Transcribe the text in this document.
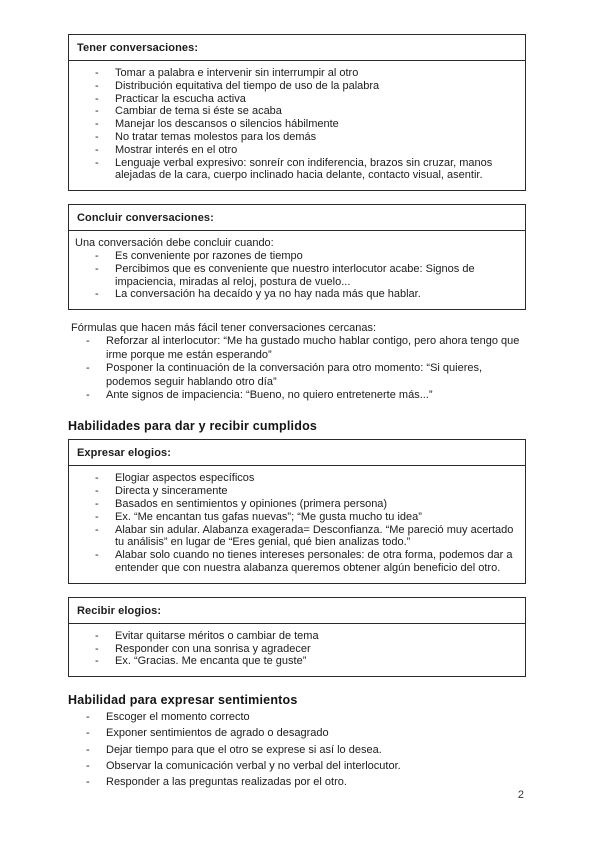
Tener conversaciones:
- Tomar a palabra e intervenir sin interrumpir al otro
- Distribución equitativa del tiempo de uso de la palabra
- Practicar la escucha activa
- Cambiar de tema si éste se acaba
- Manejar los descansos o silencios hábilmente
- No tratar temas molestos para los demás
- Mostrar interés en el otro
- Lenguaje verbal expresivo: sonreír con indiferencia, brazos sin cruzar, manos alejadas de la cara, cuerpo inclinado hacia delante, contacto visual, asentir.
Concluir conversaciones:
Una conversación debe concluir cuando:
- Es conveniente por razones de tiempo
- Percibimos que es conveniente que nuestro interlocutor acabe: Signos de impaciencia, miradas al reloj, postura de vuelo...
- La conversación ha decaído y ya no hay nada más que hablar.
Fórmulas que hacen más fácil tener conversaciones cercanas:
- Reforzar al interlocutor: “Me ha gustado mucho hablar contigo, pero ahora tengo que irme porque me están esperando”
- Posponer la continuación de la conversación para otro momento: “Si quieres, podemos seguir hablando otro día”
- Ante signos de impaciencia: “Bueno, no quiero entretenerte más...”
Habilidades para dar y recibir cumplidos
Expresar elogios:
- Elogiar aspectos específicos
- Directa y sinceramente
- Basados en sentimientos y opiniones (primera persona)
- Ex. “Me encantan tus gafas nuevas”; “Me gusta mucho tu idea”
- Alabar sin adular. Alabanza exagerada= Desconfianza. “Me pareció muy acertado tu análisis” en lugar de “Eres genial, qué bien analizas todo.”
- Alabar solo cuando no tienes intereses personales: de otra forma, podemos dar a entender que con nuestra alabanza queremos obtener algún beneficio del otro.
Recibir elogios:
- Evitar quitarse méritos o cambiar de tema
- Responder con una sonrisa y agradecer
- Ex. “Gracias. Me encanta que te guste”
Habilidad para expresar sentimientos
- Escoger el momento correcto
- Exponer sentimientos de agrado o desagrado
- Dejar tiempo para que el otro se exprese si así lo desea.
- Observar la comunicación verbal y no verbal del interlocutor.
- Responder a las preguntas realizadas por el otro.
2
